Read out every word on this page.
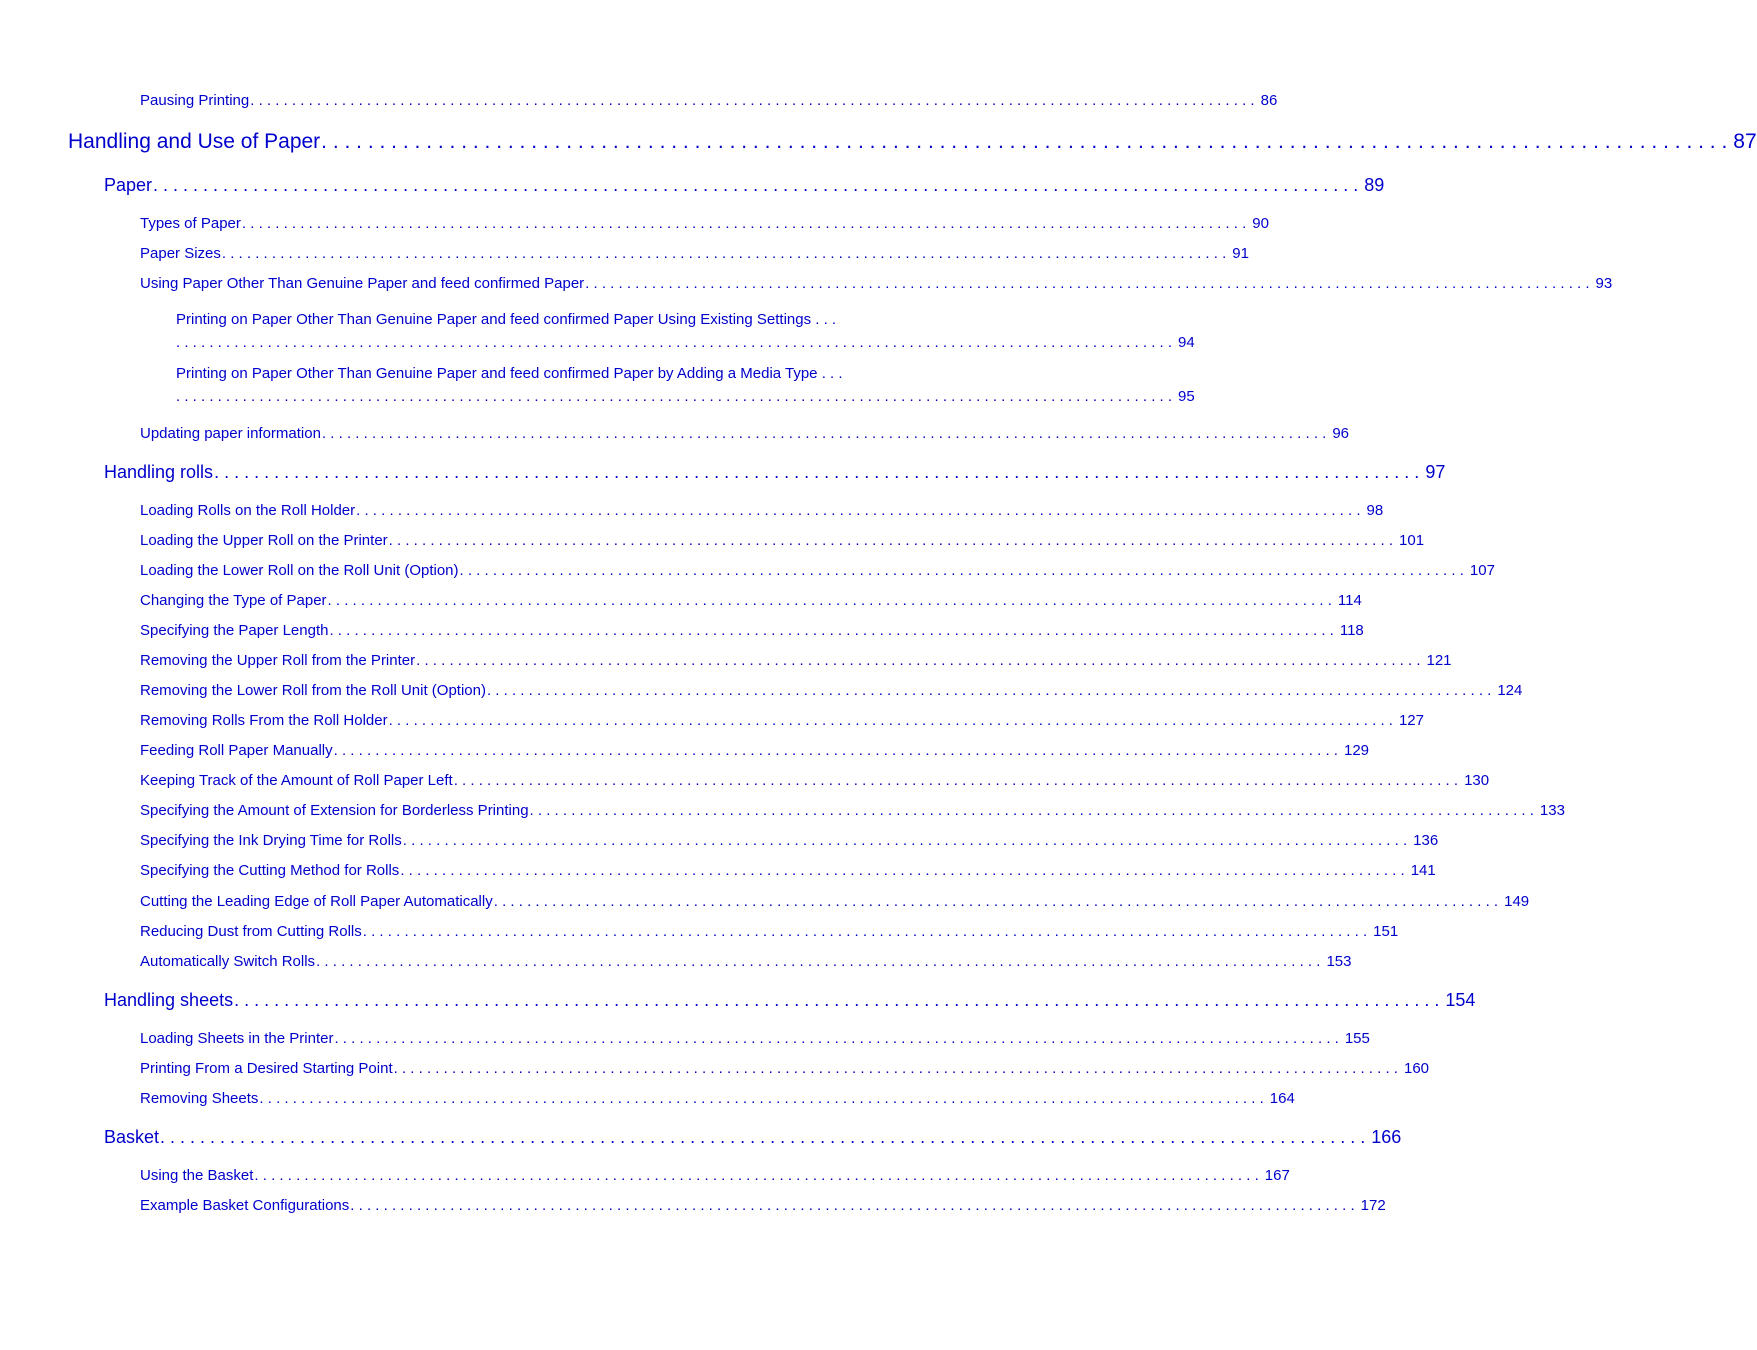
Pausing Printing . . . . . . . . . . . . . . . . . . . . . . . . . . . . . . . . . . . . . . . . . . . . . . . . . . . . . . . . . . . . . . . . . . . . . . . . . . . . . . . . . . . . . . . . . . . . . . . . . . . . . . . . . . . . . . . . . . . . . . . . . 86
Handling and Use of Paper . . . . . . . . . . . . . . . . . . . . . . . . . . . . . . . . . . . . . . . . . . . . . . . . . . . . . . . . . . . . . . . . . . . . . . . . . . . . . . . . . . . . . . . . . . . . . . . . . . . . . . . . . . . . . . . . . . . . . . . . . 87
Paper . . . . . . . . . . . . . . . . . . . . . . . . . . . . . . . . . . . . . . . . . . . . . . . . . . . . . . . . . . . . . . . . . . . . . . . . . . . . . . . . . . . . . . . . . . . . . . . . . . . . . . . . . . . . . . . . . . . . . . . . . 89
Types of Paper . . . . . . . . . . . . . . . . . . . . . . . . . . . . . . . . . . . . . . . . . . . . . . . . . . . . . . . . . . . . . . . . . . . . . . . . . . . . . . . . . . . . . . . . . . . . . . . . . . . . . . . . . . . . . . . . . . . . . . . . . 90
Paper Sizes . . . . . . . . . . . . . . . . . . . . . . . . . . . . . . . . . . . . . . . . . . . . . . . . . . . . . . . . . . . . . . . . . . . . . . . . . . . . . . . . . . . . . . . . . . . . . . . . . . . . . . . . . . . . . . . . . . . . . . . . . 91
Using Paper Other Than Genuine Paper and feed confirmed Paper . . . . . . . . . . . . . . . . . . . . . . . . . . . . . . . . . . . . . . . . . . . . . . . . . . . . . . . . . . . . . . . . . . . . . . . . . . . . . . . . . . . . . . . . . . . . . . . . . . . . . . . . . . . . . . . . . . . . . . . . . 93
Printing on Paper Other Than Genuine Paper and feed confirmed Paper Using Existing Settings . . .
. . . . . . . . . . . . . . . . . . . . . . . . . . . . . . . . . . . . . . . . . . . . . . . . . . . . . . . . . . . . . . . . . . . . . . . . . . . . . . . . . . . . . . . . . . . . . . . . . . . . . . . . . . . . . . . . . . . . . . . . 94
Printing on Paper Other Than Genuine Paper and feed confirmed Paper by Adding a Media Type . . .
. . . . . . . . . . . . . . . . . . . . . . . . . . . . . . . . . . . . . . . . . . . . . . . . . . . . . . . . . . . . . . . . . . . . . . . . . . . . . . . . . . . . . . . . . . . . . . . . . . . . . . . . . . . . . . . . . . . . . . . . 95
Updating paper information . . . . . . . . . . . . . . . . . . . . . . . . . . . . . . . . . . . . . . . . . . . . . . . . . . . . . . . . . . . . . . . . . . . . . . . . . . . . . . . . . . . . . . . . . . . . . . . . . . . . . . . . . . . . . . . . . . . . . . . . . 96
Handling rolls . . . . . . . . . . . . . . . . . . . . . . . . . . . . . . . . . . . . . . . . . . . . . . . . . . . . . . . . . . . . . . . . . . . . . . . . . . . . . . . . . . . . . . . . . . . . . . . . . . . . . . . . . . . . . . . . . . . . . . . . . 97
Loading Rolls on the Roll Holder . . . . . . . . . . . . . . . . . . . . . . . . . . . . . . . . . . . . . . . . . . . . . . . . . . . . . . . . . . . . . . . . . . . . . . . . . . . . . . . . . . . . . . . . . . . . . . . . . . . . . . . . . . . . . . . . . . . . . . . . . 98
Loading the Upper Roll on the Printer . . . . . . . . . . . . . . . . . . . . . . . . . . . . . . . . . . . . . . . . . . . . . . . . . . . . . . . . . . . . . . . . . . . . . . . . . . . . . . . . . . . . . . . . . . . . . . . . . . . . . . . . . . . . . . . . . . . . . . . . . 101
Loading the Lower Roll on the Roll Unit (Option) . . . . . . . . . . . . . . . . . . . . . . . . . . . . . . . . . . . . . . . . . . . . . . . . . . . . . . . . . . . . . . . . . . . . . . . . . . . . . . . . . . . . . . . . . . . . . . . . . . . . . . . . . . . . . . . . . . . . . . . . . 107
Changing the Type of Paper . . . . . . . . . . . . . . . . . . . . . . . . . . . . . . . . . . . . . . . . . . . . . . . . . . . . . . . . . . . . . . . . . . . . . . . . . . . . . . . . . . . . . . . . . . . . . . . . . . . . . . . . . . . . . . . . . . . . . . . . . 114
Specifying the Paper Length . . . . . . . . . . . . . . . . . . . . . . . . . . . . . . . . . . . . . . . . . . . . . . . . . . . . . . . . . . . . . . . . . . . . . . . . . . . . . . . . . . . . . . . . . . . . . . . . . . . . . . . . . . . . . . . . . . . . . . . . . 118
Removing the Upper Roll from the Printer . . . . . . . . . . . . . . . . . . . . . . . . . . . . . . . . . . . . . . . . . . . . . . . . . . . . . . . . . . . . . . . . . . . . . . . . . . . . . . . . . . . . . . . . . . . . . . . . . . . . . . . . . . . . . . . . . . . . . . . . . 121
Removing the Lower Roll from the Roll Unit (Option) . . . . . . . . . . . . . . . . . . . . . . . . . . . . . . . . . . . . . . . . . . . . . . . . . . . . . . . . . . . . . . . . . . . . . . . . . . . . . . . . . . . . . . . . . . . . . . . . . . . . . . . . . . . . . . . . . . . . . . . . . 124
Removing Rolls From the Roll Holder . . . . . . . . . . . . . . . . . . . . . . . . . . . . . . . . . . . . . . . . . . . . . . . . . . . . . . . . . . . . . . . . . . . . . . . . . . . . . . . . . . . . . . . . . . . . . . . . . . . . . . . . . . . . . . . . . . . . . . . . . 127
Feeding Roll Paper Manually . . . . . . . . . . . . . . . . . . . . . . . . . . . . . . . . . . . . . . . . . . . . . . . . . . . . . . . . . . . . . . . . . . . . . . . . . . . . . . . . . . . . . . . . . . . . . . . . . . . . . . . . . . . . . . . . . . . . . . . . . 129
Keeping Track of the Amount of Roll Paper Left . . . . . . . . . . . . . . . . . . . . . . . . . . . . . . . . . . . . . . . . . . . . . . . . . . . . . . . . . . . . . . . . . . . . . . . . . . . . . . . . . . . . . . . . . . . . . . . . . . . . . . . . . . . . . . . . . . . . . . . . . 130
Specifying the Amount of Extension for Borderless Printing . . . . . . . . . . . . . . . . . . . . . . . . . . . . . . . . . . . . . . . . . . . . . . . . . . . . . . . . . . . . . . . . . . . . . . . . . . . . . . . . . . . . . . . . . . . . . . . . . . . . . . . . . . . . . . . . . . . . . . . . . 133
Specifying the Ink Drying Time for Rolls . . . . . . . . . . . . . . . . . . . . . . . . . . . . . . . . . . . . . . . . . . . . . . . . . . . . . . . . . . . . . . . . . . . . . . . . . . . . . . . . . . . . . . . . . . . . . . . . . . . . . . . . . . . . . . . . . . . . . . . . . 136
Specifying the Cutting Method for Rolls . . . . . . . . . . . . . . . . . . . . . . . . . . . . . . . . . . . . . . . . . . . . . . . . . . . . . . . . . . . . . . . . . . . . . . . . . . . . . . . . . . . . . . . . . . . . . . . . . . . . . . . . . . . . . . . . . . . . . . . . . 141
Cutting the Leading Edge of Roll Paper Automatically . . . . . . . . . . . . . . . . . . . . . . . . . . . . . . . . . . . . . . . . . . . . . . . . . . . . . . . . . . . . . . . . . . . . . . . . . . . . . . . . . . . . . . . . . . . . . . . . . . . . . . . . . . . . . . . . . . . . . . . . . 149
Reducing Dust from Cutting Rolls . . . . . . . . . . . . . . . . . . . . . . . . . . . . . . . . . . . . . . . . . . . . . . . . . . . . . . . . . . . . . . . . . . . . . . . . . . . . . . . . . . . . . . . . . . . . . . . . . . . . . . . . . . . . . . . . . . . . . . . . . 151
Automatically Switch Rolls . . . . . . . . . . . . . . . . . . . . . . . . . . . . . . . . . . . . . . . . . . . . . . . . . . . . . . . . . . . . . . . . . . . . . . . . . . . . . . . . . . . . . . . . . . . . . . . . . . . . . . . . . . . . . . . . . . . . . . . . . 153
Handling sheets . . . . . . . . . . . . . . . . . . . . . . . . . . . . . . . . . . . . . . . . . . . . . . . . . . . . . . . . . . . . . . . . . . . . . . . . . . . . . . . . . . . . . . . . . . . . . . . . . . . . . . . . . . . . . . . . . . . . . . . . . 154
Loading Sheets in the Printer . . . . . . . . . . . . . . . . . . . . . . . . . . . . . . . . . . . . . . . . . . . . . . . . . . . . . . . . . . . . . . . . . . . . . . . . . . . . . . . . . . . . . . . . . . . . . . . . . . . . . . . . . . . . . . . . . . . . . . . . . 155
Printing From a Desired Starting Point . . . . . . . . . . . . . . . . . . . . . . . . . . . . . . . . . . . . . . . . . . . . . . . . . . . . . . . . . . . . . . . . . . . . . . . . . . . . . . . . . . . . . . . . . . . . . . . . . . . . . . . . . . . . . . . . . . . . . . . . . 160
Removing Sheets . . . . . . . . . . . . . . . . . . . . . . . . . . . . . . . . . . . . . . . . . . . . . . . . . . . . . . . . . . . . . . . . . . . . . . . . . . . . . . . . . . . . . . . . . . . . . . . . . . . . . . . . . . . . . . . . . . . . . . . . . 164
Basket . . . . . . . . . . . . . . . . . . . . . . . . . . . . . . . . . . . . . . . . . . . . . . . . . . . . . . . . . . . . . . . . . . . . . . . . . . . . . . . . . . . . . . . . . . . . . . . . . . . . . . . . . . . . . . . . . . . . . . . . . 166
Using the Basket . . . . . . . . . . . . . . . . . . . . . . . . . . . . . . . . . . . . . . . . . . . . . . . . . . . . . . . . . . . . . . . . . . . . . . . . . . . . . . . . . . . . . . . . . . . . . . . . . . . . . . . . . . . . . . . . . . . . . . . . . 167
Example Basket Configurations . . . . . . . . . . . . . . . . . . . . . . . . . . . . . . . . . . . . . . . . . . . . . . . . . . . . . . . . . . . . . . . . . . . . . . . . . . . . . . . . . . . . . . . . . . . . . . . . . . . . . . . . . . . . . . . . . . . . . . . . . 172
